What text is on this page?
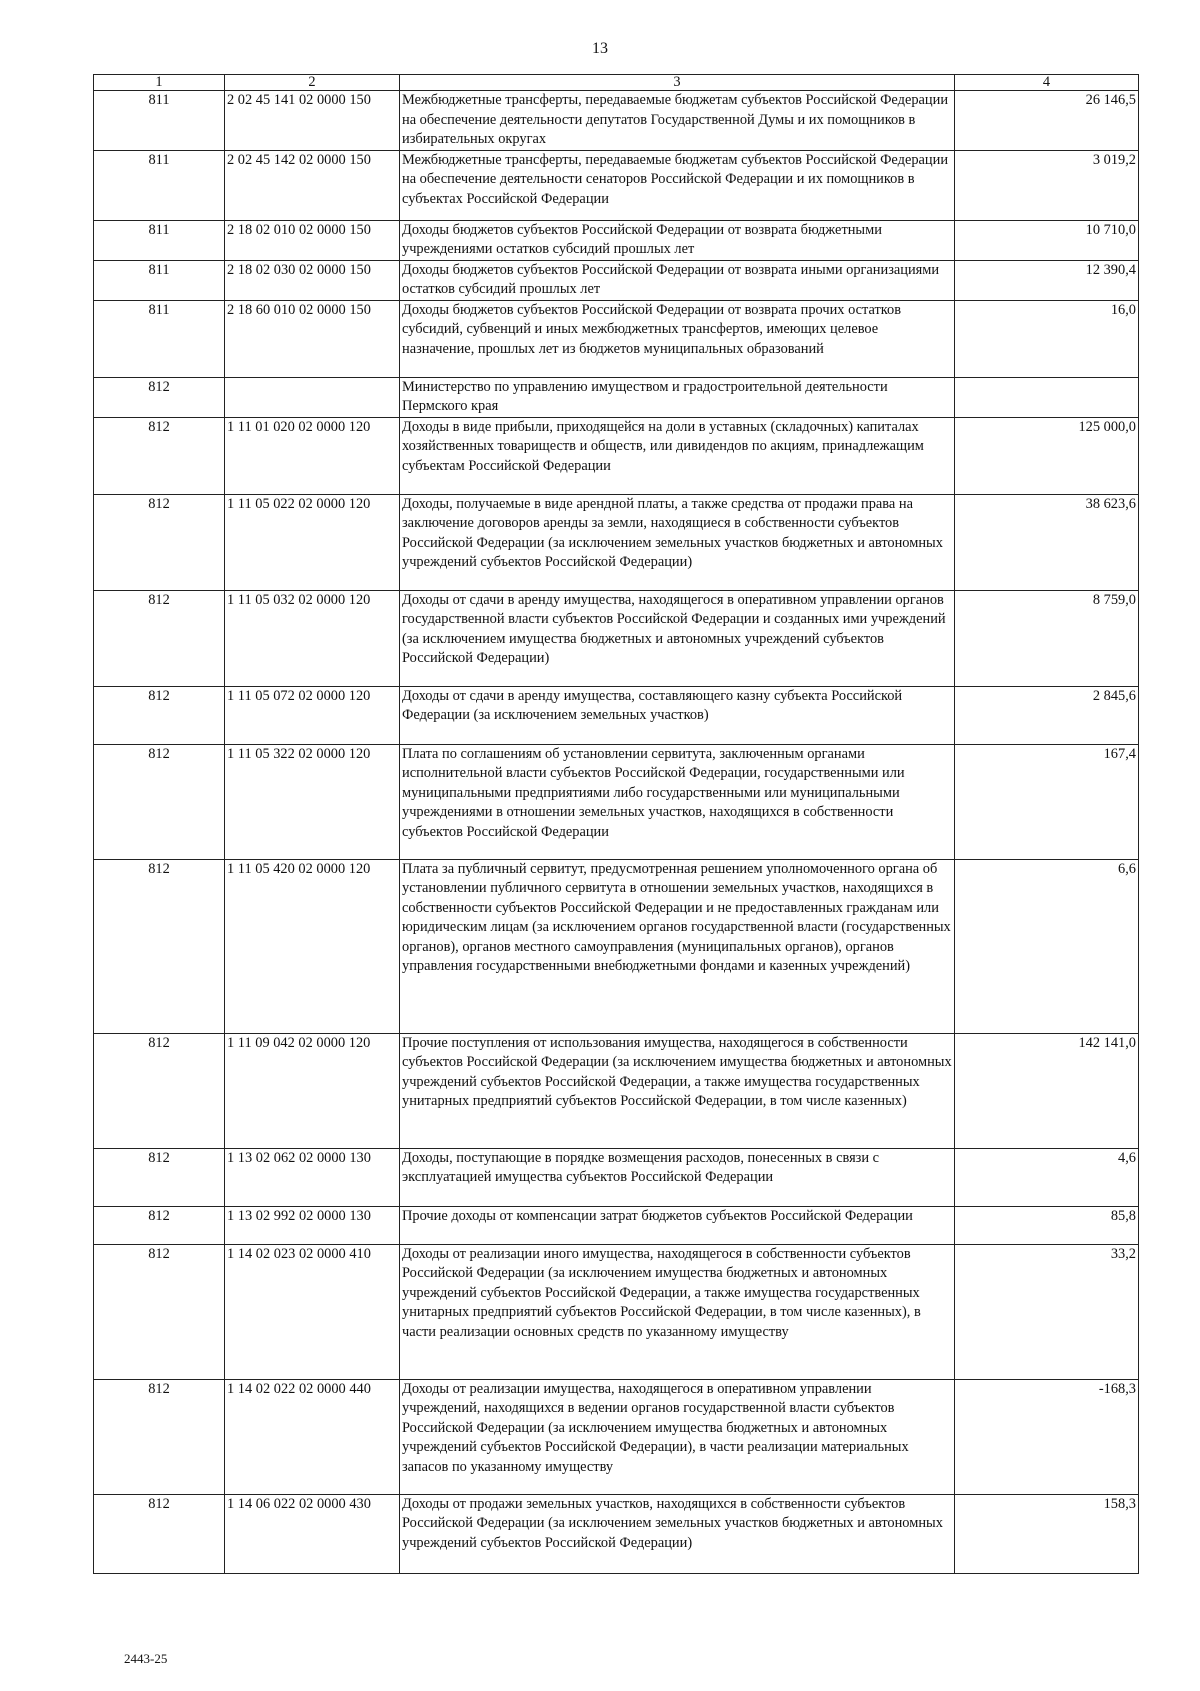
13
1	2	3	4
811	2 02 45 141 02 0000 150	Межбюджетные трансферты, передаваемые бюджетам субъектов Российской Федерации на обеспечение деятельности депутатов Государственной Думы и их помощников в избирательных округах	26 146,5
811	2 02 45 142 02 0000 150	Межбюджетные трансферты, передаваемые бюджетам субъектов Российской Федерации на обеспечение деятельности сенаторов Российской Федерации и их помощников в субъектах Российской Федерации	3 019,2
811	2 18 02 010 02 0000 150	Доходы бюджетов субъектов Российской Федерации от возврата бюджетными учреждениями остатков субсидий прошлых лет	10 710,0
811	2 18 02 030 02 0000 150	Доходы бюджетов субъектов Российской Федерации от возврата иными организациями остатков субсидий прошлых лет	12 390,4
811	2 18 60 010 02 0000 150	Доходы бюджетов субъектов Российской Федерации от возврата прочих остатков субсидий, субвенций и иных межбюджетных трансфертов, имеющих целевое назначение, прошлых лет из бюджетов муниципальных образований	16,0
812		Министерство по управлению имуществом и градостроительной деятельности Пермского края	
812	1 11 01 020 02 0000 120	Доходы в виде прибыли, приходящейся на доли в уставных (складочных) капиталах хозяйственных товариществ и обществ, или дивидендов по акциям, принадлежащим субъектам Российской Федерации	125 000,0
812	1 11 05 022 02 0000 120	Доходы, получаемые в виде арендной платы, а также средства от продажи права на заключение договоров аренды за земли, находящиеся в собственности субъектов Российской Федерации (за исключением земельных участков бюджетных и автономных учреждений субъектов Российской Федерации)	38 623,6
812	1 11 05 032 02 0000 120	Доходы от сдачи в аренду имущества, находящегося в оперативном управлении органов государственной власти субъектов Российской Федерации и созданных ими учреждений (за исключением имущества бюджетных и автономных учреждений субъектов Российской Федерации)	8 759,0
812	1 11 05 072 02 0000 120	Доходы от сдачи в аренду имущества, составляющего казну субъекта Российской Федерации (за исключением земельных участков)	2 845,6
812	1 11 05 322 02 0000 120	Плата по соглашениям об установлении сервитута, заключенным органами исполнительной власти субъектов Российской Федерации, государственными или муниципальными предприятиями либо государственными или муниципальными учреждениями в отношении земельных участков, находящихся в собственности субъектов Российской Федерации	167,4
812	1 11 05 420 02 0000 120	Плата за публичный сервитут, предусмотренная решением уполномоченного органа об установлении публичного сервитута в отношении земельных участков, находящихся в собственности субъектов Российской Федерации и не предоставленных гражданам или юридическим лицам (за исключением органов государственной власти (государственных органов), органов местного самоуправления (муниципальных органов), органов управления государственными внебюджетными фондами и казенных учреждений)	6,6
812	1 11 09 042 02 0000 120	Прочие поступления от использования имущества, находящегося в собственности субъектов Российской Федерации (за исключением имущества бюджетных и автономных учреждений субъектов Российской Федерации, а также имущества государственных унитарных предприятий субъектов Российской Федерации, в том числе казенных)	142 141,0
812	1 13 02 062 02 0000 130	Доходы, поступающие в порядке возмещения расходов, понесенных в связи с эксплуатацией имущества субъектов Российской Федерации	4,6
812	1 13 02 992 02 0000 130	Прочие доходы от компенсации затрат бюджетов субъектов Российской Федерации	85,8
812	1 14 02 023 02 0000 410	Доходы от реализации иного имущества, находящегося в собственности субъектов Российской Федерации (за исключением имущества бюджетных и автономных учреждений субъектов Российской Федерации, а также имущества государственных унитарных предприятий субъектов Российской Федерации, в том числе казенных), в части реализации основных средств по указанному имуществу	33,2
812	1 14 02 022 02 0000 440	Доходы от реализации имущества, находящегося в оперативном управлении учреждений, находящихся в ведении органов государственной власти субъектов Российской Федерации (за исключением имущества бюджетных и автономных учреждений субъектов Российской Федерации), в части реализации материальных запасов по указанному имуществу	-168,3
812	1 14 06 022 02 0000 430	Доходы от продажи земельных участков, находящихся в собственности субъектов Российской Федерации (за исключением земельных участков бюджетных и автономных учреждений субъектов Российской Федерации)	158,3
2443-25
